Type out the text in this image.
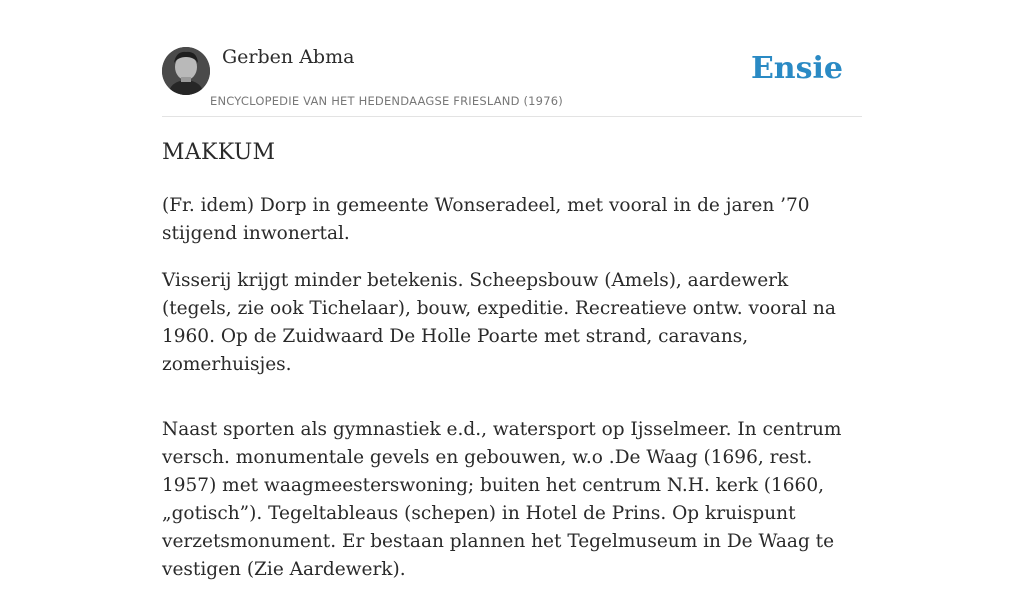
Gerben Abma
ENCYCLOPEDIE VAN HET HEDENDAAGSE FRIESLAND (1976)
Ensie
MAKKUM

(Fr. idem) Dorp in gemeente Wonseradeel, met vooral in de jaren ’70 stijgend inwonertal.

Visserij krijgt minder betekenis. Scheepsbouw (Amels), aardewerk (tegels, zie ook Tichelaar), bouw, expeditie. Recreatieve ontw. vooral na 1960. Op de Zuidwaard De Holle Poarte met strand, caravans, zomerhuisjes.

Naast sporten als gymnastiek e.d., watersport op Ijsselmeer. In centrum versch. monumentale gevels en gebouwen, w.o .De Waag (1696, rest. 1957) met waagmeesterswoning; buiten het centrum N.H. kerk (1660, „gotisch”). Tegeltableaus (schepen) in Hotel de Prins. Op kruispunt verzetsmonument. Er bestaan plannen het Tegelmuseum in De Waag te vestigen (Zie Aardewerk).
